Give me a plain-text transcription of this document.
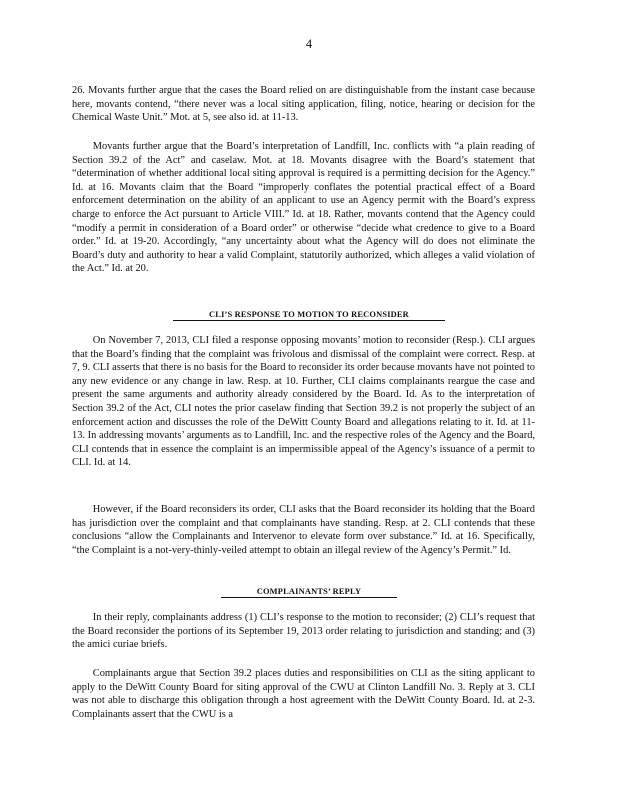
4
26. Movants further argue that the cases the Board relied on are distinguishable from the instant case because here, movants contend, “there never was a local siting application, filing, notice, hearing or decision for the Chemical Waste Unit.” Mot. at 5, see also id. at 11-13.
  Movants further argue that the Board’s interpretation of Landfill, Inc. conflicts with “a plain reading of Section 39.2 of the Act” and caselaw. Mot. at 18. Movants disagree with the Board’s statement that “determination of whether additional local siting approval is required is a permitting decision for the Agency.” Id. at 16. Movants claim that the Board “improperly conflates the potential practical effect of a Board enforcement determination on the ability of an applicant to use an Agency permit with the Board’s express charge to enforce the Act pursuant to Article VIII.” Id. at 18. Rather, movants contend that the Agency could “modify a permit in consideration of a Board order” or otherwise “decide what credence to give to a Board order.” Id. at 19-20. Accordingly, “any uncertainty about what the Agency will do does not eliminate the Board’s duty and authority to hear a valid Complaint, statutorily authorized, which alleges a valid violation of the Act.” Id. at 20.
CLI’S RESPONSE TO MOTION TO RECONSIDER
  On November 7, 2013, CLI filed a response opposing movants’ motion to reconsider (Resp.). CLI argues that the Board’s finding that the complaint was frivolous and dismissal of the complaint were correct. Resp. at 7, 9. CLI asserts that there is no basis for the Board to reconsider its order because movants have not pointed to any new evidence or any change in law. Resp. at 10. Further, CLI claims complainants reargue the case and present the same arguments and authority already considered by the Board. Id. As to the interpretation of Section 39.2 of the Act, CLI notes the prior caselaw finding that Section 39.2 is not properly the subject of an enforcement action and discusses the role of the DeWitt County Board and allegations relating to it. Id. at 11-13. In addressing movants’ arguments as to Landfill, Inc. and the respective roles of the Agency and the Board, CLI contends that in essence the complaint is an impermissible appeal of the Agency’s issuance of a permit to CLI. Id. at 14.
  However, if the Board reconsiders its order, CLI asks that the Board reconsider its holding that the Board has jurisdiction over the complaint and that complainants have standing. Resp. at 2. CLI contends that these conclusions “allow the Complainants and Intervenor to elevate form over substance.” Id. at 16. Specifically, “the Complaint is a not-very-thinly-veiled attempt to obtain an illegal review of the Agency’s Permit.” Id.
COMPLAINANTS’ REPLY
  In their reply, complainants address (1) CLI’s response to the motion to reconsider; (2) CLI’s request that the Board reconsider the portions of its September 19, 2013 order relating to jurisdiction and standing; and (3) the amici curiae briefs.
  Complainants argue that Section 39.2 places duties and responsibilities on CLI as the siting applicant to apply to the DeWitt County Board for siting approval of the CWU at Clinton Landfill No. 3. Reply at 3. CLI was not able to discharge this obligation through a host agreement with the DeWitt County Board. Id. at 2-3. Complainants assert that the CWU is a
